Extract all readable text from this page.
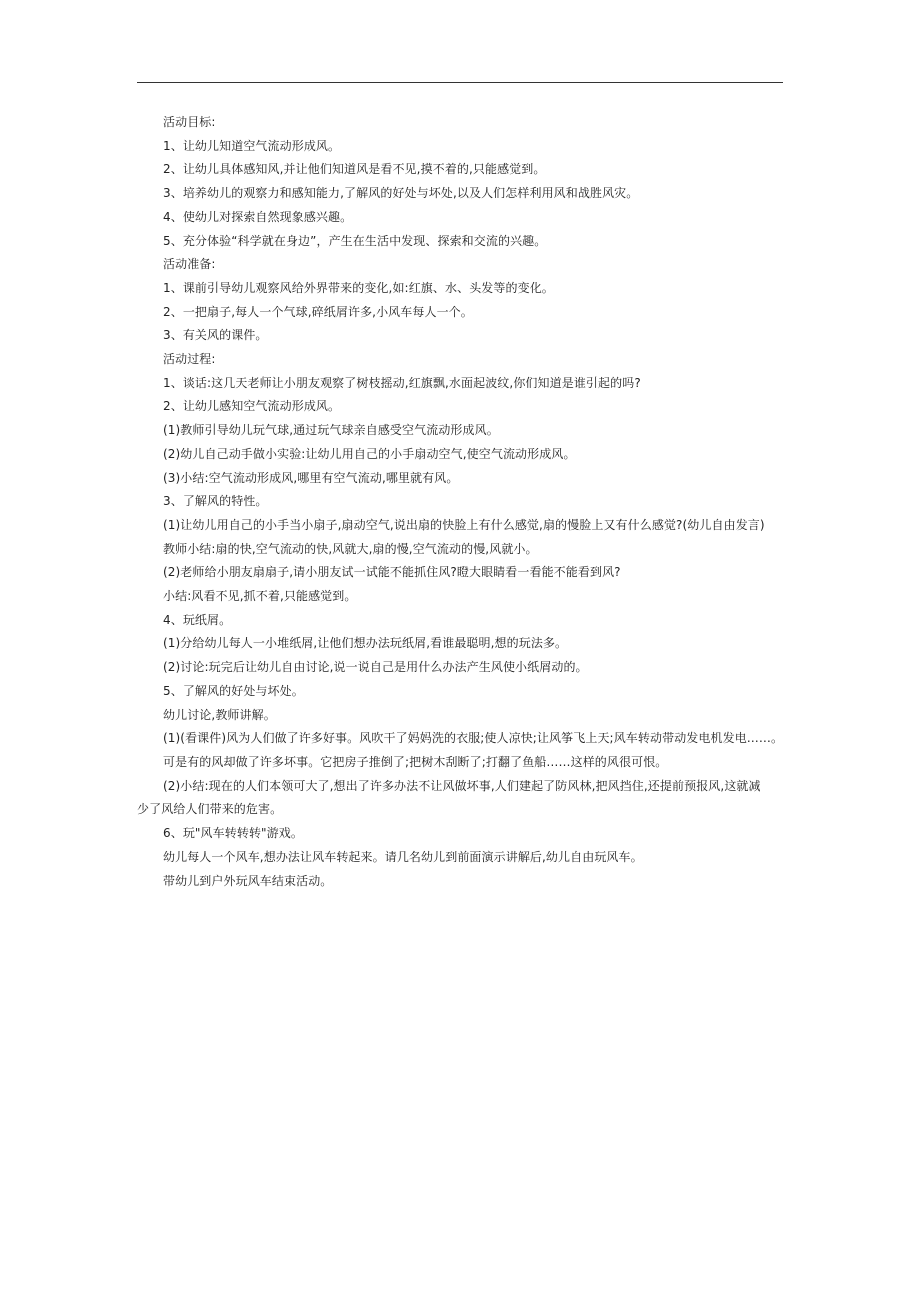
活动目标:
1、让幼儿知道空气流动形成风。
2、让幼儿具体感知风,并让他们知道风是看不见,摸不着的,只能感觉到。
3、培养幼儿的观察力和感知能力,了解风的好处与坏处,以及人们怎样利用风和战胜风灾。
4、使幼儿对探索自然现象感兴趣。
5、充分体验“科学就在身边”，产生在生活中发现、探索和交流的兴趣。
活动准备:
1、课前引导幼儿观察风给外界带来的变化,如:红旗、水、头发等的变化。
2、一把扇子,每人一个气球,碎纸屑许多,小风车每人一个。
3、有关风的课件。
活动过程:
1、谈话:这几天老师让小朋友观察了树枝摇动,红旗飘,水面起波纹,你们知道是谁引起的吗?
2、让幼儿感知空气流动形成风。
(1)教师引导幼儿玩气球,通过玩气球亲自感受空气流动形成风。
(2)幼儿自己动手做小实验:让幼儿用自己的小手扇动空气,使空气流动形成风。
(3)小结:空气流动形成风,哪里有空气流动,哪里就有风。
3、了解风的特性。
(1)让幼儿用自己的小手当小扇子,扇动空气,说出扇的快脸上有什么感觉,扇的慢脸上又有什么感觉?(幼儿自由发言)
教师小结:扇的快,空气流动的快,风就大,扇的慢,空气流动的慢,风就小。
(2)老师给小朋友扇扇子,请小朋友试一试能不能抓住风?瞪大眼睛看一看能不能看到风?
小结:风看不见,抓不着,只能感觉到。
4、玩纸屑。
(1)分给幼儿每人一小堆纸屑,让他们想办法玩纸屑,看谁最聪明,想的玩法多。
(2)讨论:玩完后让幼儿自由讨论,说一说自己是用什么办法产生风使小纸屑动的。
5、了解风的好处与坏处。
幼儿讨论,教师讲解。
(1)(看课件)风为人们做了许多好事。风吹干了妈妈洗的衣服;使人凉快;让风筝飞上天;风车转动带动发电机发电……。
可是有的风却做了许多坏事。它把房子推倒了;把树木刮断了;打翻了鱼船……这样的风很可恨。
(2)小结:现在的人们本领可大了,想出了许多办法不让风做坏事,人们建起了防风林,把风挡住,还提前预报风,这就减
少了风给人们带来的危害。
6、玩"风车转转转"游戏。
幼儿每人一个风车,想办法让风车转起来。请几名幼儿到前面演示讲解后,幼儿自由玩风车。
带幼儿到户外玩风车结束活动。
